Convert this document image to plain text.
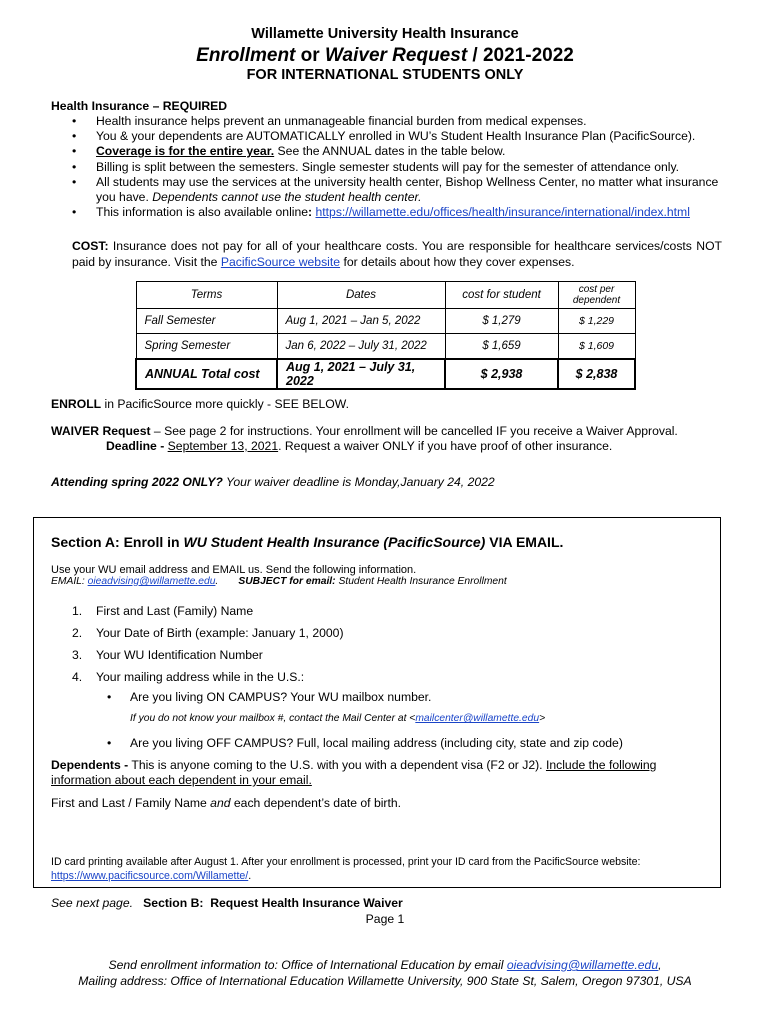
Willamette University Health Insurance
Enrollment or Waiver Request / 2021-2022
FOR INTERNATIONAL STUDENTS ONLY
Health Insurance – REQUIRED
• Health insurance helps prevent an unmanageable financial burden from medical expenses.
• You & your dependents are AUTOMATICALLY enrolled in WU’s Student Health Insurance Plan (PacificSource).
• Coverage is for the entire year. See the ANNUAL dates in the table below.
• Billing is split between the semesters. Single semester students will pay for the semester of attendance only.
• All students may use the services at the university health center, Bishop Wellness Center, no matter what insurance you have. Dependents cannot use the student health center.
• This information is also available online: https://willamette.edu/offices/health/insurance/international/index.html
COST: Insurance does not pay for all of your healthcare costs. You are responsible for healthcare services/costs NOT paid by insurance. Visit the PacificSource website for details about how they cover expenses.
Terms	Dates	cost for student	cost per dependent
Fall Semester	Aug 1, 2021 – Jan 5, 2022	$ 1,279	$ 1,229
Spring Semester	Jan 6, 2022 – July 31, 2022	$ 1,659	$ 1,609
ANNUAL Total cost	Aug 1, 2021 – July 31, 2022	$ 2,938	$ 2,838
ENROLL in PacificSource more quickly - SEE BELOW.
WAIVER Request – See page 2 for instructions. Your enrollment will be cancelled IF you receive a Waiver Approval.
Deadline - September 13, 2021. Request a waiver ONLY if you have proof of other insurance.
Attending spring 2022 ONLY? Your waiver deadline is Monday,January 24, 2022
Section A: Enroll in WU Student Health Insurance (PacificSource) VIA EMAIL.
Use your WU email address and EMAIL us. Send the following information.
EMAIL: oieadvising@willamette.edu. SUBJECT for email: Student Health Insurance Enrollment
1. First and Last (Family) Name
2. Your Date of Birth (example: January 1, 2000)
3. Your WU Identification Number
4. Your mailing address while in the U.S.:
• Are you living ON CAMPUS? Your WU mailbox number.
If you do not know your mailbox #, contact the Mail Center at <mailcenter@willamette.edu>
• Are you living OFF CAMPUS? Full, local mailing address (including city, state and zip code)
Dependents - This is anyone coming to the U.S. with you with a dependent visa (F2 or J2). Include the following information about each dependent in your email.
First and Last / Family Name and each dependent’s date of birth.
ID card printing available after August 1. After your enrollment is processed, print your ID card from the PacificSource website:
https://www.pacificsource.com/Willamette/.
See next page.   Section B:  Request Health Insurance Waiver
Page 1
Send enrollment information to: Office of International Education by email oieadvising@willamette.edu,
Mailing address: Office of International Education Willamette University, 900 State St, Salem, Oregon 97301, USA
